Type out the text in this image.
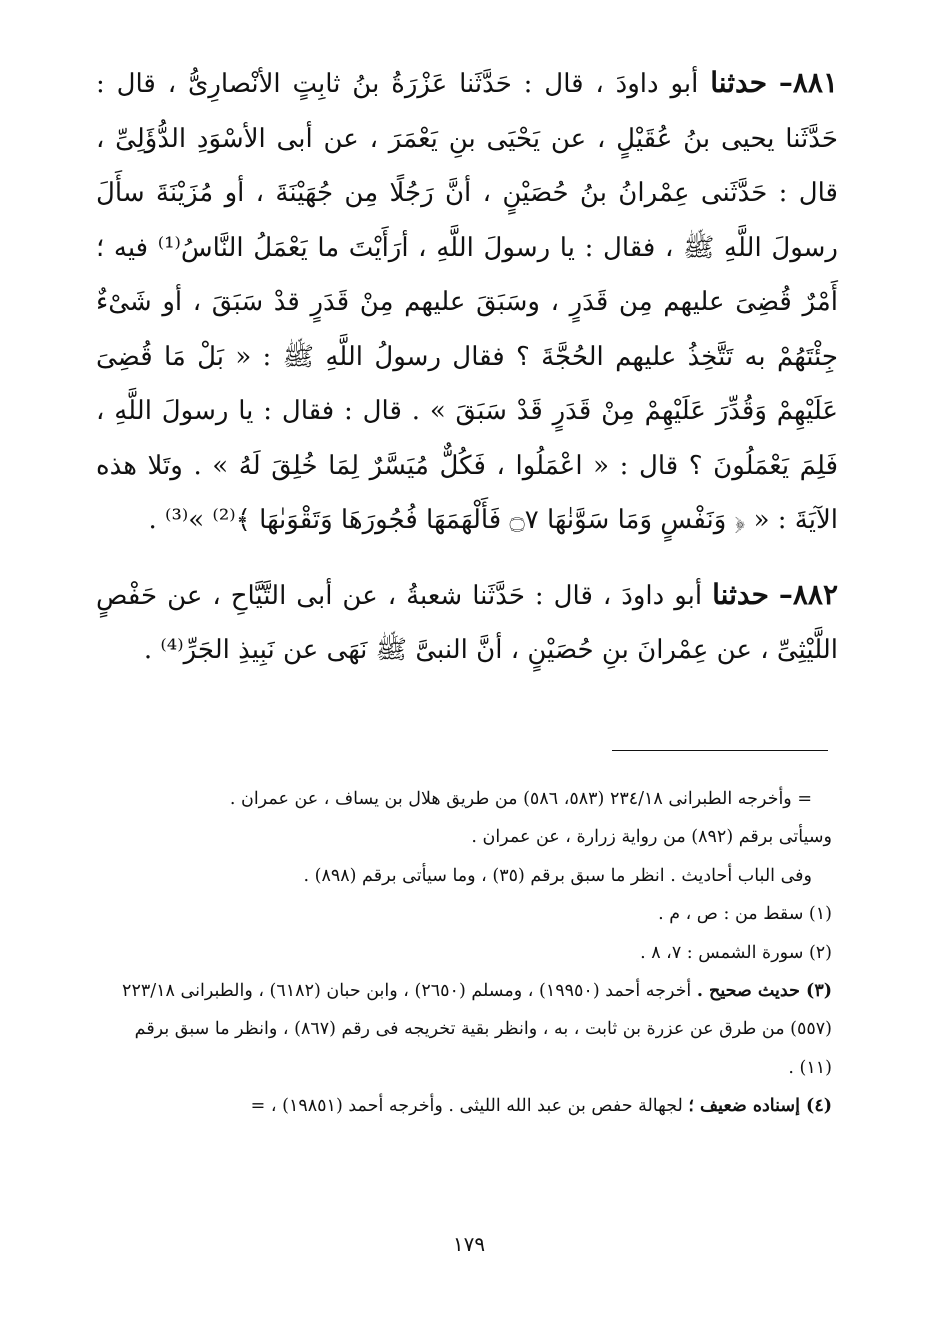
٨٨١– حدثنا أبو داودَ ، قال : حَدَّثَنا عَزْرَةُ بنُ ثابِتٍ الأنْصارِىُّ ، قال : حَدَّثَنا يحيى بنُ عُقَيْلٍ ، عن يَحْيَى بنِ يَعْمَرَ ، عن أبى الأسْوَدِ الدُّؤَلِىِّ ، قال : حَدَّثَنى عِمْرانُ بنُ حُصَيْنٍ ، أنَّ رَجُلًا مِن جُهَيْنَةَ ، أو مُزَيْنَةَ سأَلَ رسولَ اللَّهِ ﷺ ، فقال : يا رسولَ اللَّهِ ، أرَأَيْتَ ما يَعْمَلُ النَّاسُ⁽¹⁾ فيه ؛ أَمْرٌ قُضِىَ عليهم مِن قَدَرٍ ، وسَبَقَ عليهم مِنْ قَدَرٍ قدْ سَبَقَ ، أو شَىْءٌ جِئْتَهُمْ به تَتَّخِذُ عليهم الحُجَّةَ ؟ فقال رسولُ اللَّهِ ﷺ : « بَلْ مَا قُضِىَ عَلَيْهِمْ وَقُدِّرَ عَلَيْهِمْ مِنْ قَدَرٍ قَدْ سَبَقَ » . قال : فقال : يا رسولَ اللَّهِ ، فَلِمَ يَعْمَلُونَ ؟ قال : « اعْمَلُوا ، فَكُلٌّ مُيَسَّرٌ لِمَا خُلِقَ لَهُ » . وتَلا هذه الآيَةَ : « ﴿ وَنَفْسٍ وَمَا سَوَّنٰهَا ۝٧ فَأَلْهَمَهَا فُجُورَهَا وَتَقْوَىٰهَا ﴾⁽²⁾ »⁽³⁾ .

٨٨٢– حدثنا أبو داودَ ، قال : حَدَّثَنا شعبةُ ، عن أبى التَّيَّاحِ ، عن حَفْصٍ اللَّيْثِىِّ ، عن عِمْرانَ بنِ حُصَيْنٍ ، أنَّ النبىَّ ﷺ نَهَى عن نَبِيذِ الجَرِّ⁽⁴⁾ .

= وأخرجه الطبرانى ٢٣٤/١٨ (٥٨٣، ٥٨٦) من طريق هلال بن يساف ، عن عمران .

وسيأتى برقم (٨٩٢) من رواية زرارة ، عن عمران .

وفى الباب أحاديث . انظر ما سبق برقم (٣٥) ، وما سيأتى برقم (٨٩٨) .

(١) سقط من : ص ، م .

(٢) سورة الشمس : ٧، ٨ .

(٣) حديث صحيح . أخرجه أحمد (١٩٩٥٠) ، ومسلم (٢٦٥٠) ، وابن حبان (٦١٨٢) ، والطبرانى ٢٢٣/١٨ (٥٥٧) من طرق عن عزرة بن ثابت ، به ، وانظر بقية تخريجه فى رقم (٨٦٧) ، وانظر ما سبق برقم (١١) .

(٤) إسناده ضعيف ؛ لجهالة حفص بن عبد الله الليثى . وأخرجه أحمد (١٩٨٥١) ، =

١٧٩
